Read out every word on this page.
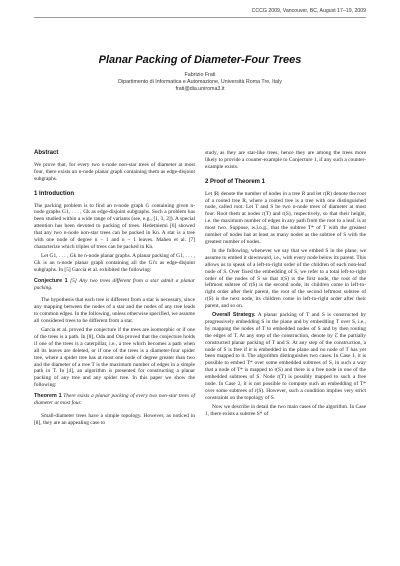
CCCG 2009, Vancouver, BC, August 17–19, 2009
Planar Packing of Diameter-Four Trees
Fabrizio Frati
Dipartimento di Informatica e Automazione, Università Roma Tre, Italy
frati@dia.uniroma3.it
Abstract

We prove that, for every two n-node non-star trees of diameter at most four, there exists an n-node planar graph containing them as edge-disjoint subgraphs.

1 Introduction

The packing problem is to find an n-node graph G containing given n-node graphs G1, . . . , Gk as edge-disjoint subgraphs. Such a problem has been studied within a wide range of variants (see, e.g., [1, 3, 2]). A special attention has been devoted to packing of trees. Hedetniemi [6] showed that any two n-node non-star trees can be packed in Kn. A star is a tree with one node of degree n − 1 and n − 1 leaves. Maheo et al. [7] characterize which triples of trees can be packed in Kn.

Let G1, . . . , Gk be n-node planar graphs. A planar packing of G1, . . . , Gk is an n-node planar graph containing all the Gi's as edge-disjoint subgraphs. In [5] Garcia et al. exhibited the following:

Conjecture 1 [5] Any two trees different from a star admit a planar packing.

The hypothesis that each tree is different from a star is necessary, since any mapping between the nodes of a star and the nodes of any tree leads to common edges. In the following, unless otherwise specified, we assume all considered trees to be different from a star.

Garcia et al. proved the conjecture if the trees are isomorphic or if one of the trees is a path. In [8], Oda and Ota proved that the conjecture holds if one of the trees is a caterpillar, i.e., a tree which becomes a path when all its leaves are deleted, or if one of the trees is a diameter-four spider tree, where a spider tree has at most one node of degree greater than two and the diameter of a tree T is the maximum number of edges in a simple path in T. In [4], an algorithm is presented for constructing a planar packing of any tree and any spider tree. In this paper we show the following:

Theorem 1 There exists a planar packing of every two non-star trees of diameter at most four.

Small-diameter trees have a simple topology. However, as noticed in [8], they are an appealing case to

study, as they are star-like trees, hence they are among the trees more likely to provide a counter-example to Conjecture 1, if any such a counter-example exists.

2 Proof of Theorem 1

Let |R| denote the number of nodes in a tree R and let r(R) denote the root of a rooted tree R, where a rooted tree is a tree with one distinguished node, called root. Let T and S be two n-node trees of diameter at most four. Root them at nodes r(T) and r(S), respectively, so that their height, i.e. the maximum number of edges in any path from the root to a leaf, is at most two. Suppose, w.l.o.g., that the subtree T* of T with the greatest number of nodes has at least as many nodes as the subtree of S with the greatest number of nodes.

In the following, whenever we say that we embed S in the plane, we assume to embed it downward, i.e., with every node below its parent. This allows us to speak of a left-to-right order of the children of each non-leaf node of S. Over fixed the embedding of S, we refer to a total left-to-right order of the nodes of S so that r(S) is the first node, the root of the leftmost subtree of r(S) is the second node, its children come in left-to-right order after their parent, the root of the second leftmost subtree of r(S) is the next node, its children come in left-to-right order after their parent, and so on.

Overall Strategy. A planar packing of T and S is constructed by progressively embedding S in the plane and by embedding T over S, i.e., by mapping the nodes of T to embedded nodes of S and by then routing the edges of T. At any step of the construction, denote by ℰ the partially constructed planar packing of T and S. At any step of the construction, a node of S is free if it is embedded in the plane and no node of T has yet been mapped to it. The algorithm distinguishes two cases. In Case 1, it is possible to embed T* over some embedded subtrees of S, in such a way that a node of T* is mapped to r(S) and there is a free node in one of the embedded subtrees of S. Node r(T) is possibly mapped to such a free node. In Case 2, it is not possible to compute such an embedding of T* over some subtrees of r(S). However, such a condition implies very strict constraints on the topology of S.

Now we describe in detail the two main cases of the algorithm. In Case 1, there exists a subtree S* of
